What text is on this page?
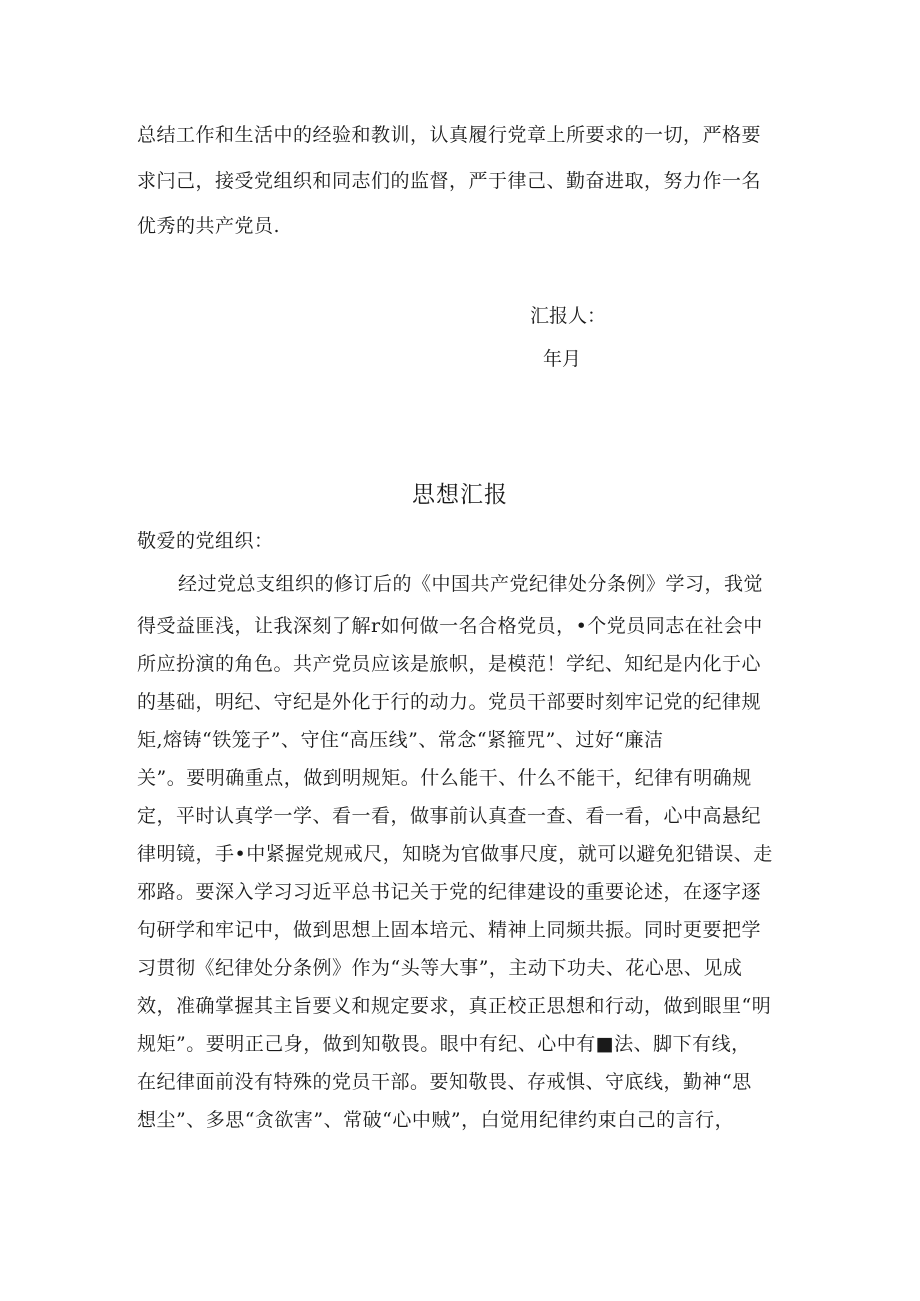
总结工作和生活中的经验和教训，认真履行党章上所要求的一切，严格要
求闩己，接受党组织和同志们的监督，严于律己、勤奋进取，努力作一名
优秀的共产党员.
汇报人：
年月
思想汇报
敬爱的党组织：
经过党总支组织的修订后的《中国共产党纪律处分条例》学习，我觉
得受益匪浅，让我深刻了解r如何做一名合格党员，•个党员同志在社会中
所应扮演的角色。共产党员应该是旅帜，是模范！学纪、知纪是内化于心
的基础，明纪、守纪是外化于行的动力。党员干部要时刻牢记党的纪律规
矩,熔铸“铁笼子”、守住“高压线”、常念“紧箍咒”、过好“廉洁
关”。要明确重点，做到明规矩。什么能干、什么不能干，纪律有明确规
定，平时认真学一学、看一看，做事前认真查一查、看一看，心中高悬纪
律明镜，手•中紧握党规戒尺，知晓为官做事尺度，就可以避免犯错误、走
邪路。要深入学习习近平总书记关于党的纪律建设的重要论述，在逐字逐
句研学和牢记中，做到思想上固本培元、精神上同频共振。同时更要把学
习贯彻《纪律处分条例》作为“头等大事”，主动下功夫、花心思、见成
效，准确掌握其主旨要义和规定要求，真正校正思想和行动，做到眼里“明
规矩”。要明正己身，做到知敬畏。眼中有纪、心中有■法、脚下有线，
在纪律面前没有特殊的党员干部。要知敬畏、存戒惧、守底线，勤神“思
想尘”、多思“贪欲害”、常破“心中贼”，白觉用纪律约束白己的言行，
